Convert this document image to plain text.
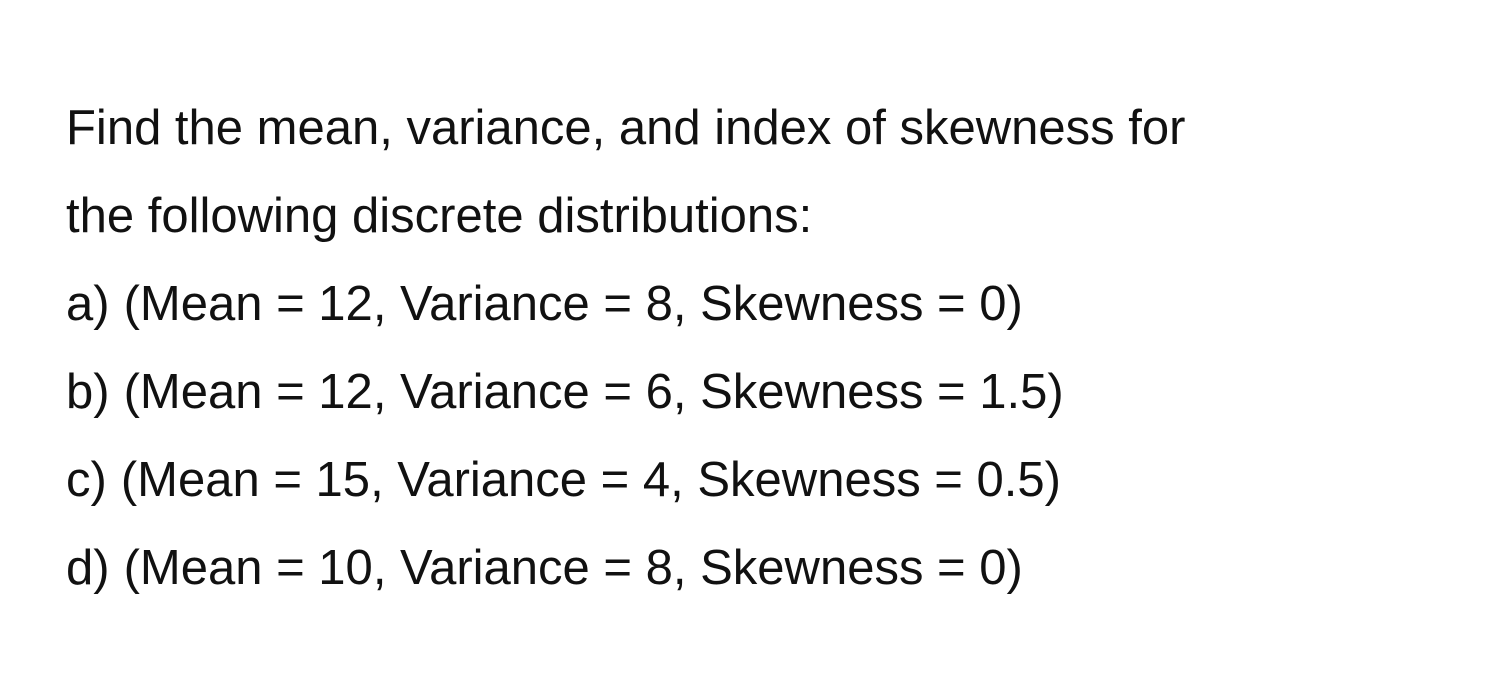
Find the mean, variance, and index of skewness for
the following discrete distributions:

a) (Mean = 12, Variance = 8, Skewness = 0)
b) (Mean = 12, Variance = 6, Skewness = 1.5)
c) (Mean = 15, Variance = 4, Skewness = 0.5)
d) (Mean = 10, Variance = 8, Skewness = 0)
